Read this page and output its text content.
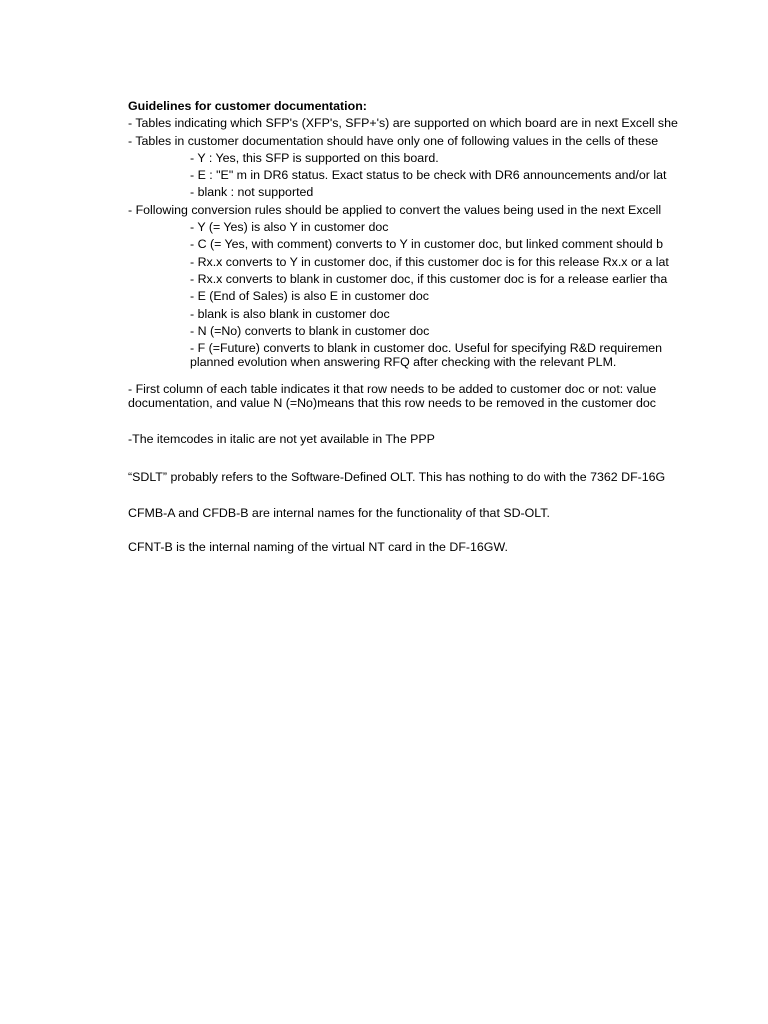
Guidelines for customer documentation:
- Tables indicating which SFP's (XFP's, SFP+'s) are supported on which board are in next Excell she
- Tables in customer documentation should have only one of following values in the cells of these
- Y : Yes, this SFP is supported on this board.
- E : "E" m in DR6 status. Exact status to be check with DR6 announcements and/or lat
- blank : not supported
- Following conversion rules should be applied to convert the values being used in the next Excell
- Y (= Yes) is also Y in customer doc
- C (= Yes, with comment) converts to Y in customer doc, but linked comment should b
- Rx.x converts to Y in customer doc, if this customer doc is for this release Rx.x or a lat
- Rx.x converts to blank in customer doc, if this customer doc is for a release earlier tha
- E (End of Sales) is also E in customer doc
- blank is also blank in customer doc
- N (=No) converts to blank in customer doc
- F (=Future) converts to blank in customer doc. Useful for specifying R&D requiremen
planned evolution when answering RFQ after checking with the relevant PLM.
- First column of each table indicates it that row needs to be added to customer doc or not: value
documentation, and value N (=No)means that this row needs to be removed in the customer doc
-The itemcodes in italic are not yet available in The PPP
“SDLT” probably refers to the Software-Defined OLT. This has nothing to do with the 7362 DF-16G
CFMB-A and CFDB-B are internal names for the functionality of that SD-OLT.
CFNT-B is the internal naming of the virtual NT card in the DF-16GW.
